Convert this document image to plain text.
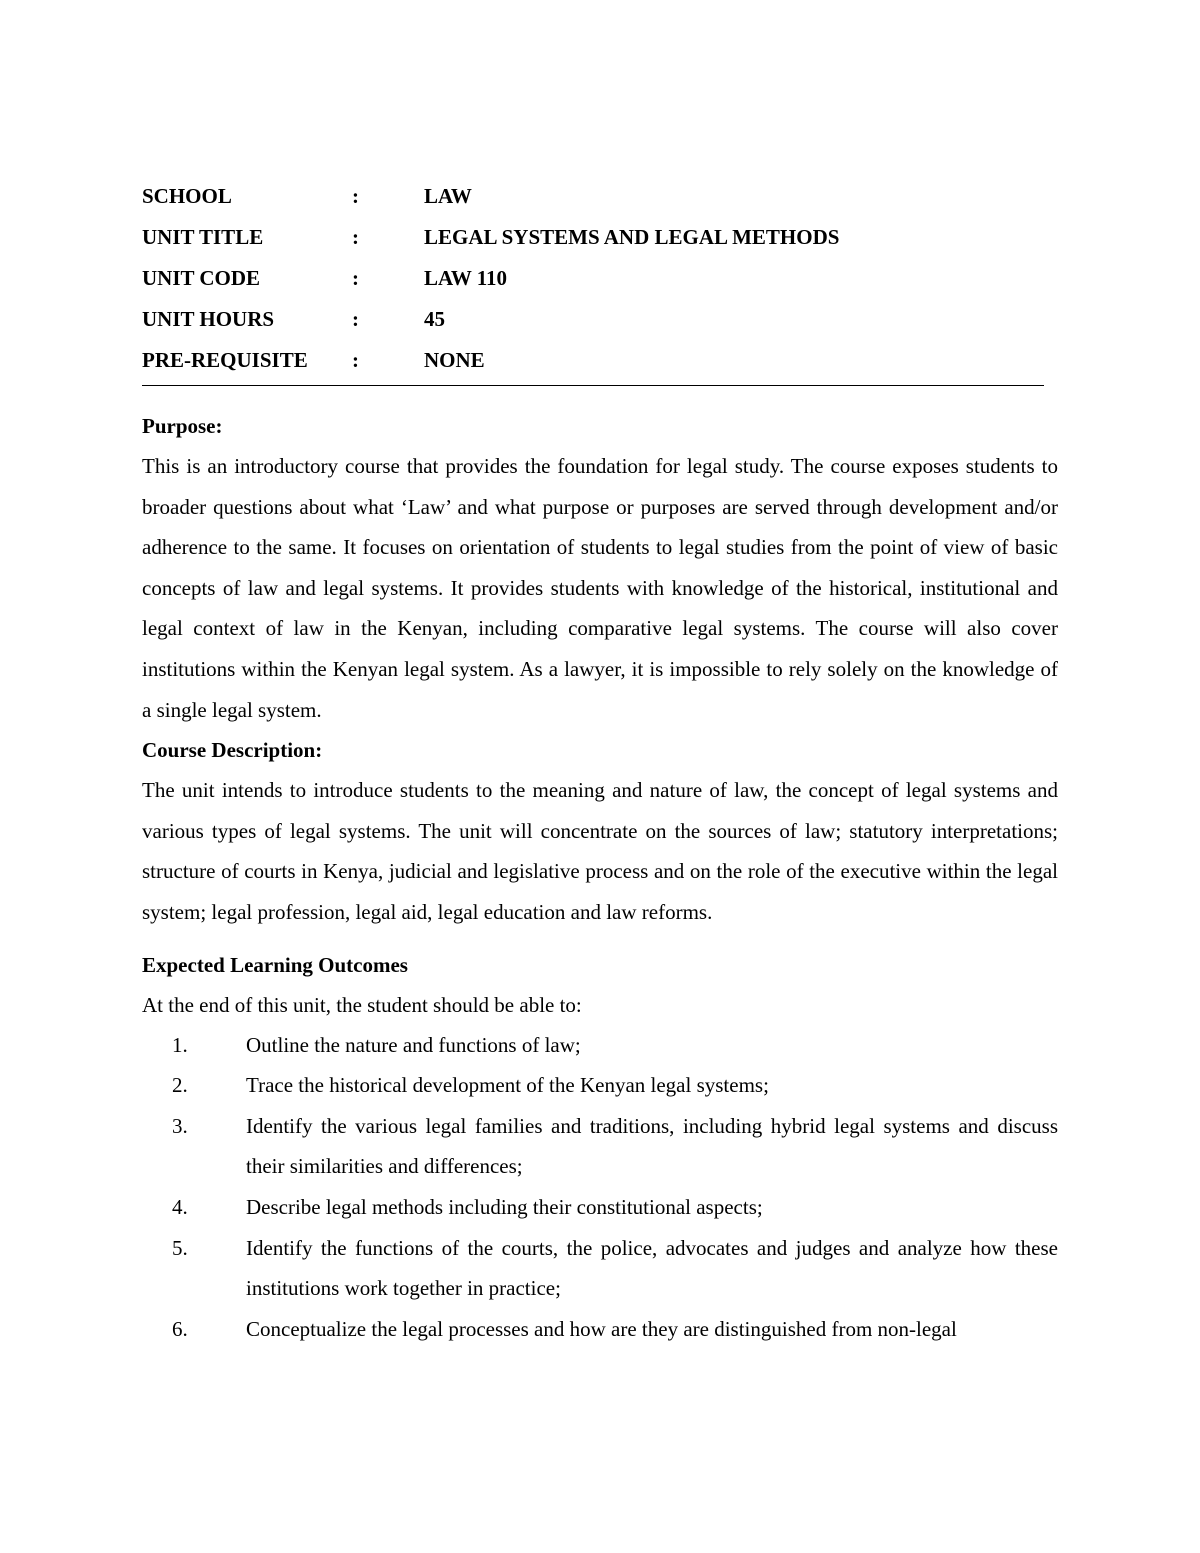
SCHOOL	:	LAW
UNIT TITLE	:	LEGAL SYSTEMS AND LEGAL METHODS
UNIT CODE	:	LAW 110
UNIT HOURS	:	45
PRE-REQUISITE	:	NONE
Purpose:

This is an introductory course that provides the foundation for legal study. The course exposes students to broader questions about what ‘Law’ and what purpose or purposes are served through development and/or adherence to the same. It focuses on orientation of students to legal studies from the point of view of basic concepts of law and legal systems. It provides students with knowledge of the historical, institutional and legal context of law in the Kenyan, including comparative legal systems. The course will also cover institutions within the Kenyan legal system. As a lawyer, it is impossible to rely solely on the knowledge of a single legal system.

Course Description:

The unit intends to introduce students to the meaning and nature of law, the concept of legal systems and various types of legal systems. The unit will concentrate on the sources of law; statutory interpretations; structure of courts in Kenya, judicial and legislative process and on the role of the executive within the legal system; legal profession, legal aid, legal education and law reforms.

Expected Learning Outcomes

At the end of this unit, the student should be able to:

1.	Outline the nature and functions of law;
2.	Trace the historical development of the Kenyan legal systems;
3.	Identify the various legal families and traditions, including hybrid legal systems and discuss their similarities and differences;
4.	Describe legal methods including their constitutional aspects;
5.	Identify the functions of the courts, the police, advocates and judges and analyze how these institutions work together in practice;
6.	Conceptualize the legal processes and how are they are distinguished from non-legal
